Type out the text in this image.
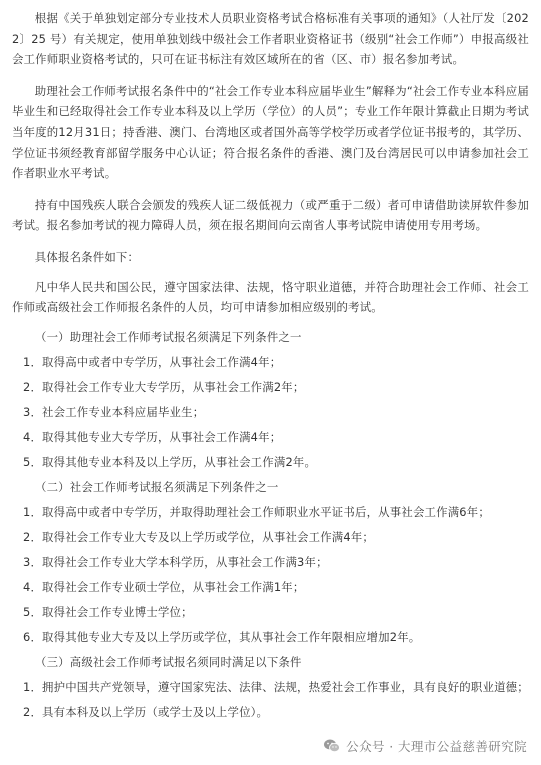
根据《关于单独划定部分专业技术人员职业资格考试合格标准有关事项的通知》（人社厅发〔2022〕25 号）有关规定，使用单独划线中级社会工作者职业资格证书（级别“社会工作师”）申报高级社会工作师职业资格考试的，只可在证书标注有效区域所在的省（区、市）报名参加考试。

助理社会工作师考试报名条件中的“社会工作专业本科应届毕业生”解释为“社会工作专业本科应届毕业生和已经取得社会工作专业本科及以上学历（学位）的人员”；专业工作年限计算截止日期为考试当年度的12月31日；持香港、澳门、台湾地区或者国外高等学校学历或者学位证书报考的，其学历、学位证书须经教育部留学服务中心认证；符合报名条件的香港、澳门及台湾居民可以申请参加社会工作者职业水平考试。

持有中国残疾人联合会颁发的残疾人证二级低视力（或严重于二级）者可申请借助读屏软件参加考试。报名参加考试的视力障碍人员，须在报名期间向云南省人事考试院申请使用专用考场。

具体报名条件如下：

凡中华人民共和国公民，遵守国家法律、法规，恪守职业道德，并符合助理社会工作师、社会工作师或高级社会工作师报名条件的人员，均可申请参加相应级别的考试。

（一）助理社会工作师考试报名须满足下列条件之一
1．取得高中或者中专学历，从事社会工作满4年；
2．取得社会工作专业大专学历，从事社会工作满2年；
3．社会工作专业本科应届毕业生；
4．取得其他专业大专学历，从事社会工作满4年；
5．取得其他专业本科及以上学历，从事社会工作满2年。
（二）社会工作师考试报名须满足下列条件之一
1．取得高中或者中专学历，并取得助理社会工作师职业水平证书后，从事社会工作满6年；
2．取得社会工作专业大专及以上学历或学位，从事社会工作满4年；
3．取得社会工作专业大学本科学历，从事社会工作满3年；
4．取得社会工作专业硕士学位，从事社会工作满1年；
5．取得社会工作专业博士学位；
6．取得其他专业大专及以上学历或学位，其从事社会工作年限相应增加2年。
（三）高级社会工作师考试报名须同时满足以下条件
1．拥护中国共产党领导，遵守国家宪法、法律、法规，热爱社会工作事业，具有良好的职业道德；
2．具有本科及以上学历（或学士及以上学位）。
公众号 · 大理市公益慈善研究院
